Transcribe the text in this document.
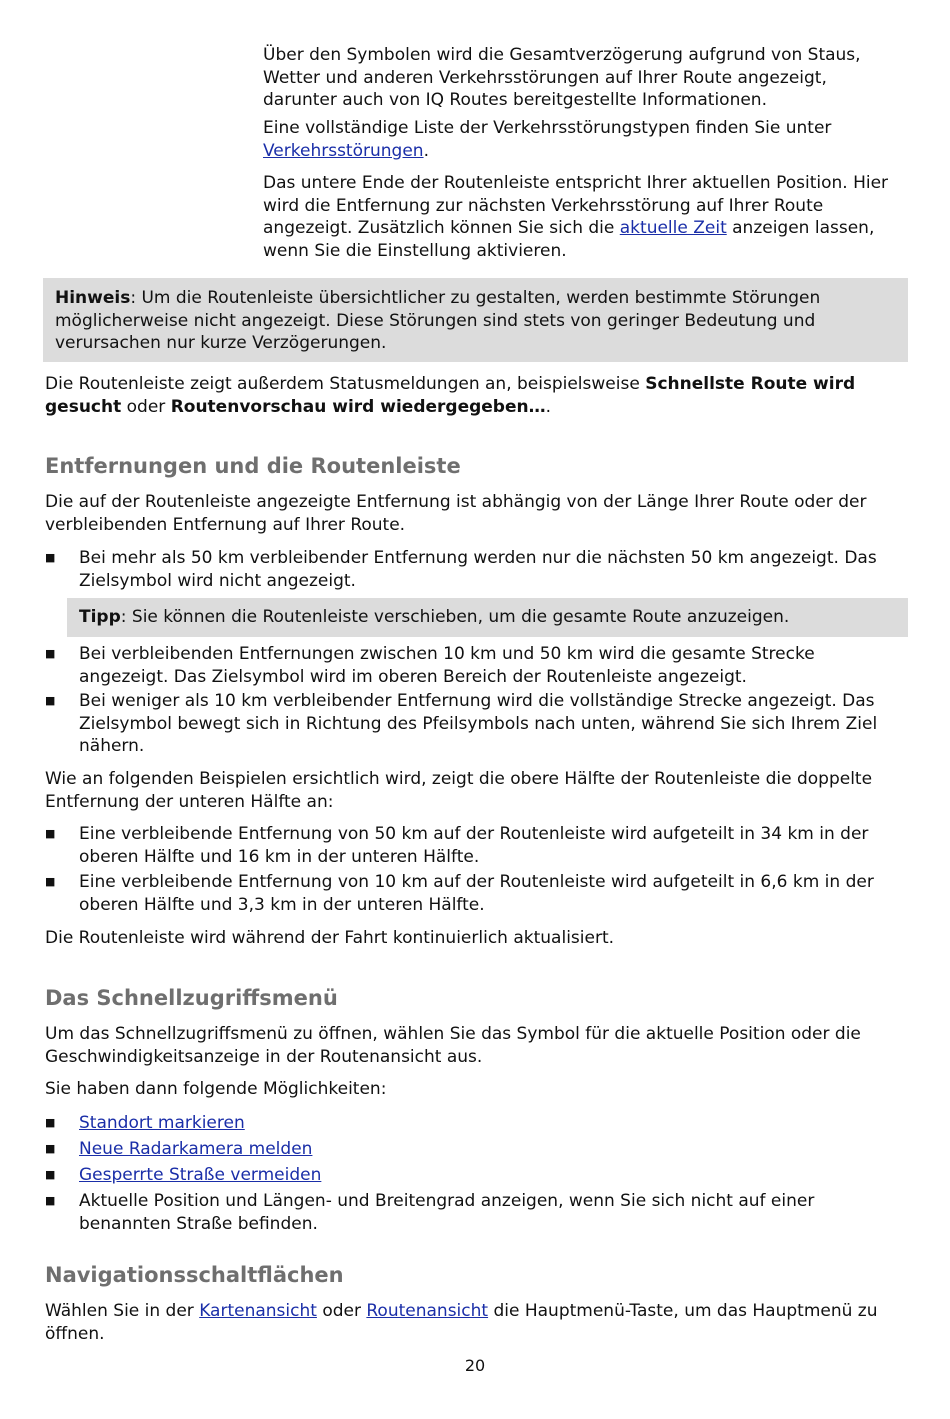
Über den Symbolen wird die Gesamtverzögerung aufgrund von Staus, Wetter und anderen Verkehrsstörungen auf Ihrer Route angezeigt, darunter auch von IQ Routes bereitgestellte Informationen.

Eine vollständige Liste der Verkehrsstörungstypen finden Sie unter Verkehrsstörungen.

Das untere Ende der Routenleiste entspricht Ihrer aktuellen Position. Hier wird die Entfernung zur nächsten Verkehrsstörung auf Ihrer Route angezeigt. Zusätzlich können Sie sich die aktuelle Zeit anzeigen lassen, wenn Sie die Einstellung aktivieren.

Hinweis: Um die Routenleiste übersichtlicher zu gestalten, werden bestimmte Störungen möglicherweise nicht angezeigt. Diese Störungen sind stets von geringer Bedeutung und verursachen nur kurze Verzögerungen.

Die Routenleiste zeigt außerdem Statusmeldungen an, beispielsweise Schnellste Route wird gesucht oder Routenvorschau wird wiedergegeben….

Entfernungen und die Routenleiste

Die auf der Routenleiste angezeigte Entfernung ist abhängig von der Länge Ihrer Route oder der verbleibenden Entfernung auf Ihrer Route.

■ Bei mehr als 50 km verbleibender Entfernung werden nur die nächsten 50 km angezeigt. Das Zielsymbol wird nicht angezeigt.

Tipp: Sie können die Routenleiste verschieben, um die gesamte Route anzuzeigen.

■ Bei verbleibenden Entfernungen zwischen 10 km und 50 km wird die gesamte Strecke angezeigt. Das Zielsymbol wird im oberen Bereich der Routenleiste angezeigt.
■ Bei weniger als 10 km verbleibender Entfernung wird die vollständige Strecke angezeigt. Das Zielsymbol bewegt sich in Richtung des Pfeilsymbols nach unten, während Sie sich Ihrem Ziel nähern.

Wie an folgenden Beispielen ersichtlich wird, zeigt die obere Hälfte der Routenleiste die doppelte Entfernung der unteren Hälfte an:

■ Eine verbleibende Entfernung von 50 km auf der Routenleiste wird aufgeteilt in 34 km in der oberen Hälfte und 16 km in der unteren Hälfte.
■ Eine verbleibende Entfernung von 10 km auf der Routenleiste wird aufgeteilt in 6,6 km in der oberen Hälfte und 3,3 km in der unteren Hälfte.

Die Routenleiste wird während der Fahrt kontinuierlich aktualisiert.

Das Schnellzugriffsmenü

Um das Schnellzugriffsmenü zu öffnen, wählen Sie das Symbol für die aktuelle Position oder die Geschwindigkeitsanzeige in der Routenansicht aus.

Sie haben dann folgende Möglichkeiten:

■ Standort markieren
■ Neue Radarkamera melden
■ Gesperrte Straße vermeiden
■ Aktuelle Position und Längen- und Breitengrad anzeigen, wenn Sie sich nicht auf einer benannten Straße befinden.
Navigationsschaltflächen

Wählen Sie in der Kartenansicht oder Routenansicht die Hauptmenü-Taste, um das Hauptmenü zu öffnen.

20
